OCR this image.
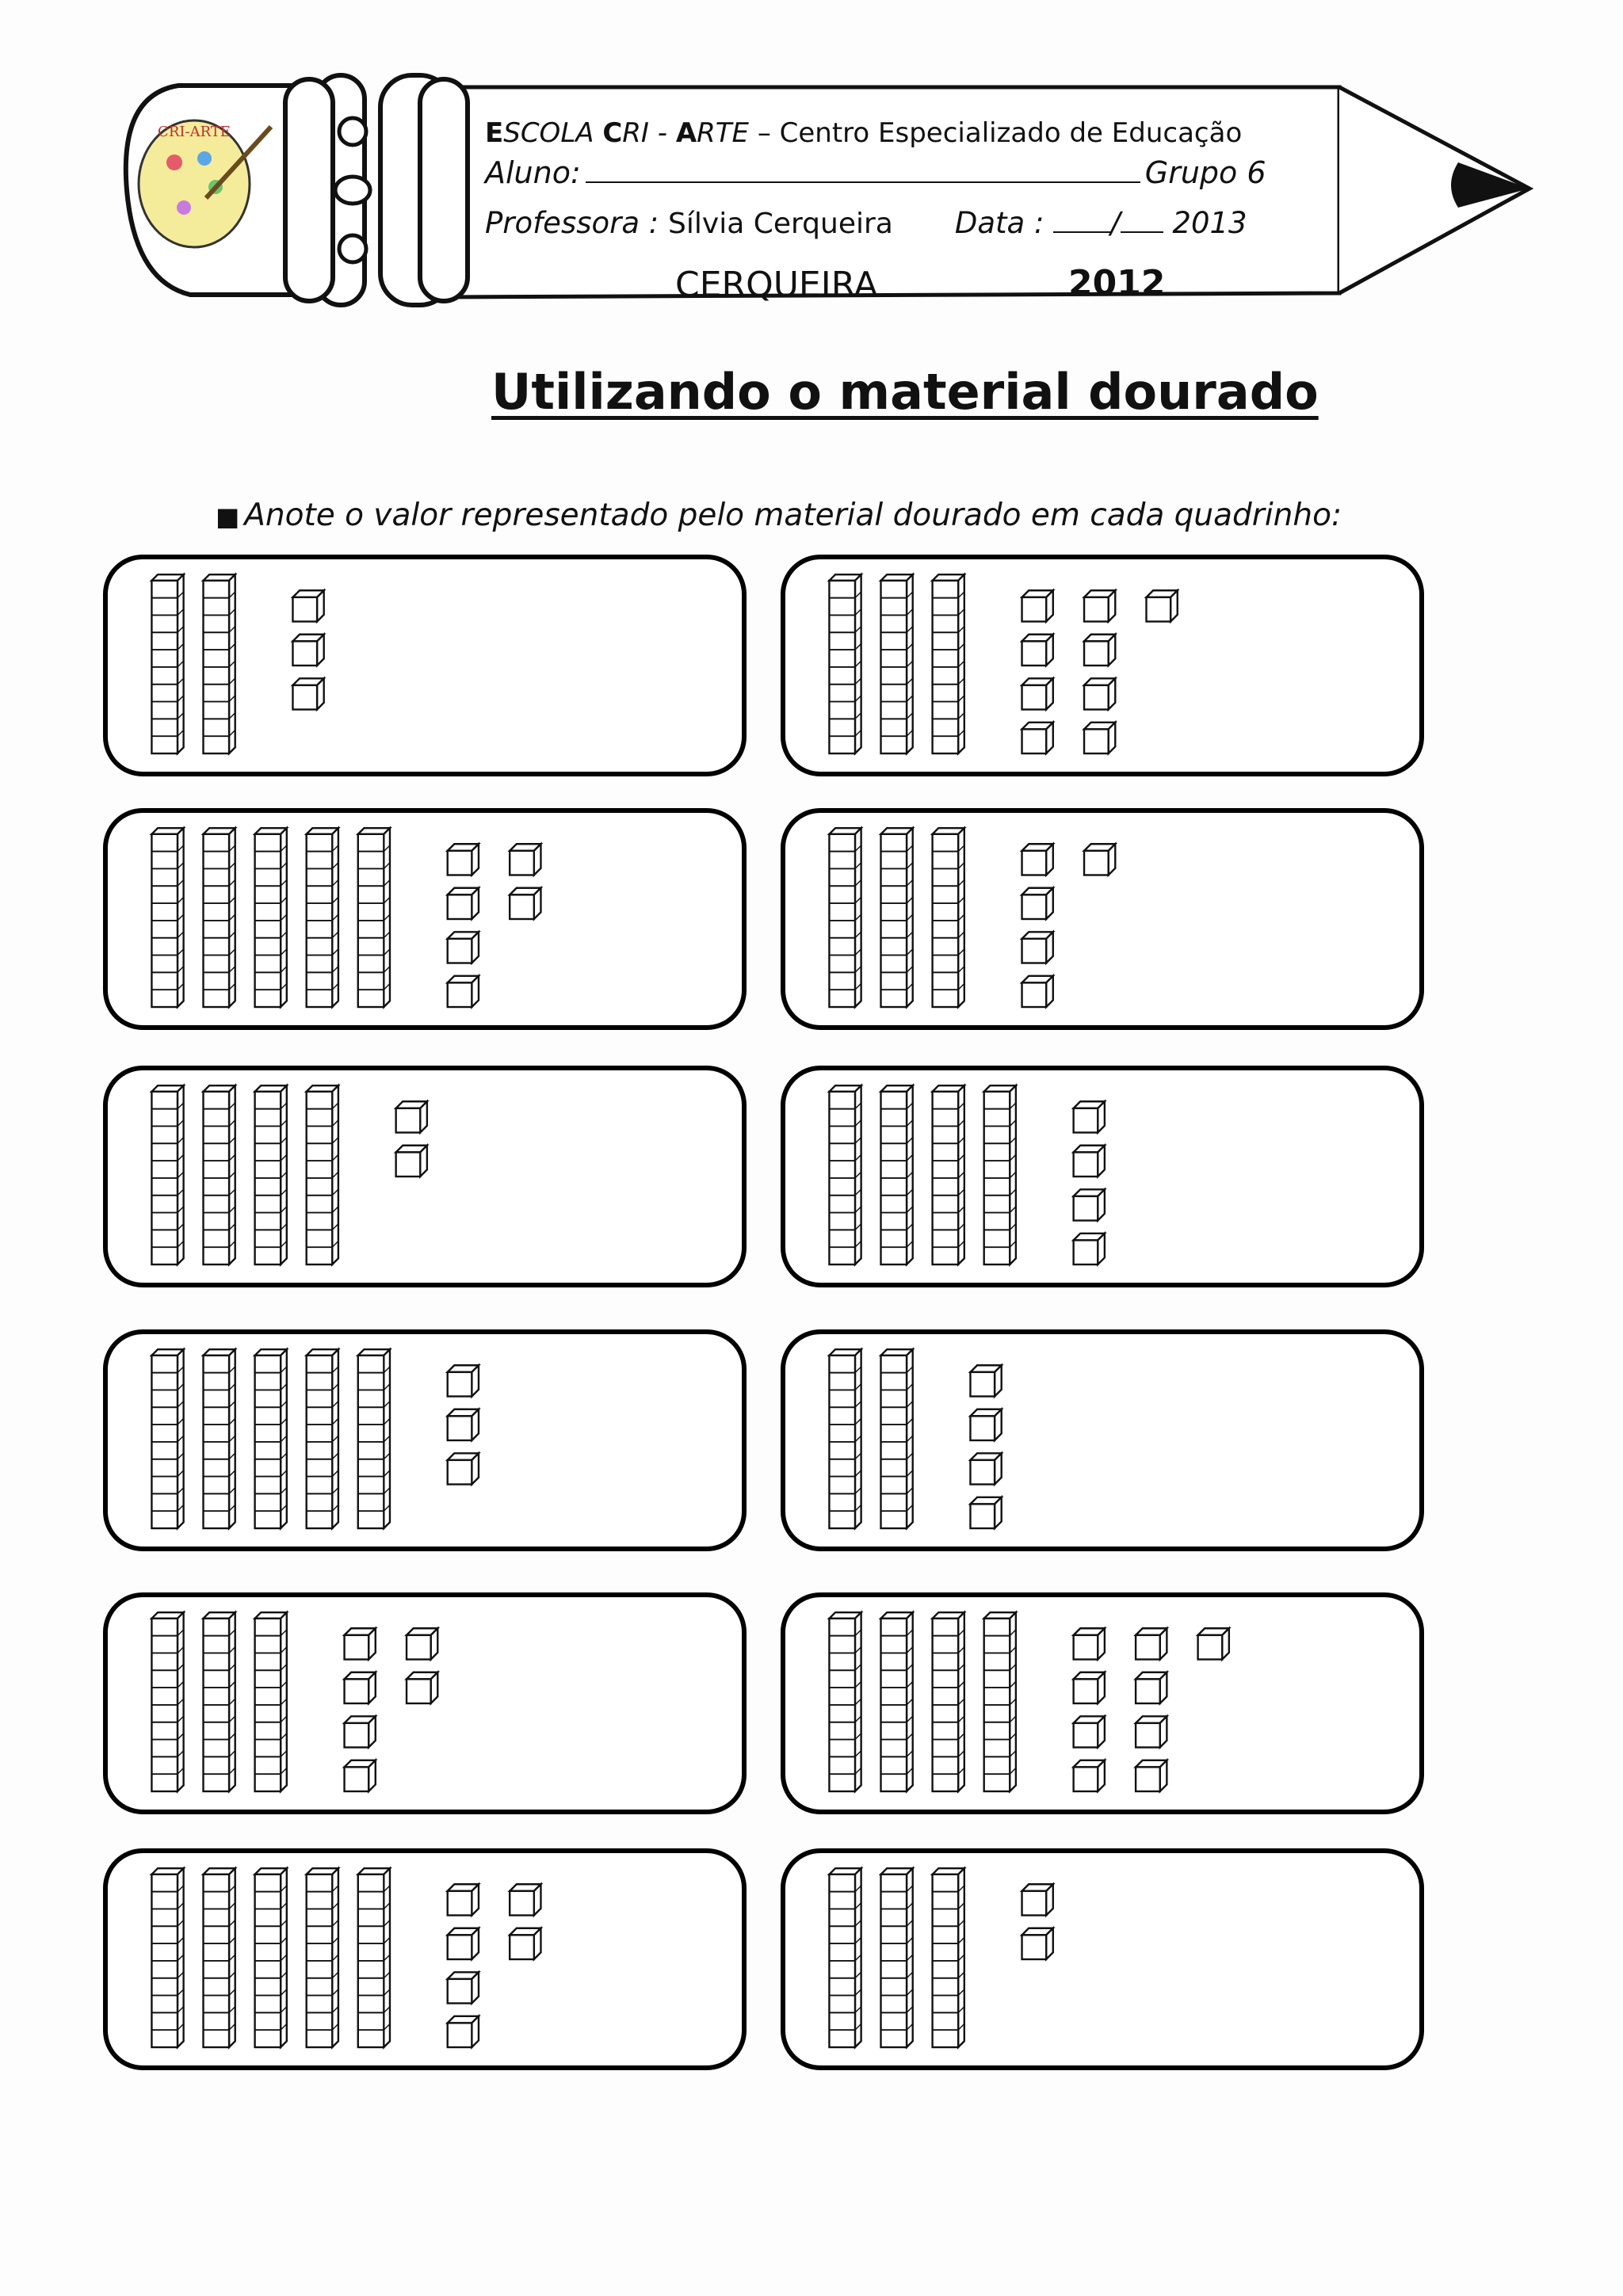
CRI-ARTE	ESCOLA CRI - ARTE – Centro Especializado de Educação
Aluno:	Grupo 6
Professora : Sílvia Cerqueira Data : / 2013
CERQUEIRA	2012
Utilizando o material dourado
■ Anote o valor representado pelo material dourado em cada quadrinho:
